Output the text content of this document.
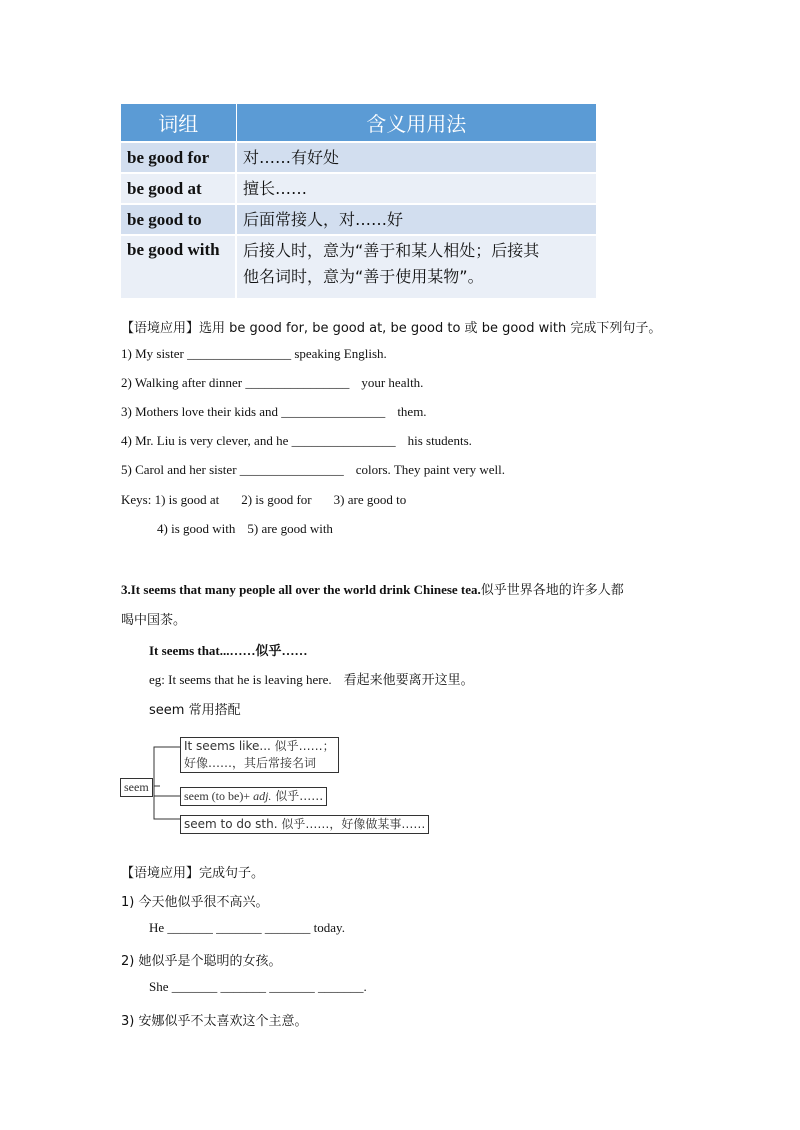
词组	含义用用法
be good for	对……有好处
be good at	擅长……
be good to	后面常接人，对……好
be good with	后接人时，意为“善于和某人相处；后接其
他名词时，意为“善于使用某物”。
【语境应用】选用 be good for, be good at, be good to 或 be good with 完成下列句子。
1) My sister ________________ speaking English.
2) Walking after dinner ________________ your health.
3) Mothers love their kids and ________________ them.
4) Mr. Liu is very clever, and he ________________ his students.
5) Carol and her sister ________________ colors. They paint very well.
Keys: 1) is good at 2) is good for 3) are good to
4) is good with 5) are good with
3.It seems that many people all over the world drink Chinese tea.似乎世界各地的许多人都
喝中国茶。
It seems that...……似乎……
eg: It seems that he is leaving here. 看起来他要离开这里。
seem 常用搭配
seem
It seems like... 似乎……；
好像……，其后常接名词
seem (to be)+ adj. 似乎……
seem to do sth. 似乎……，好像做某事……
【语境应用】完成句子。
1) 今天他似乎很不高兴。
He _______ _______ _______ today.
2) 她似乎是个聪明的女孩。
She _______ _______ _______ _______.
3) 安娜似乎不太喜欢这个主意。
